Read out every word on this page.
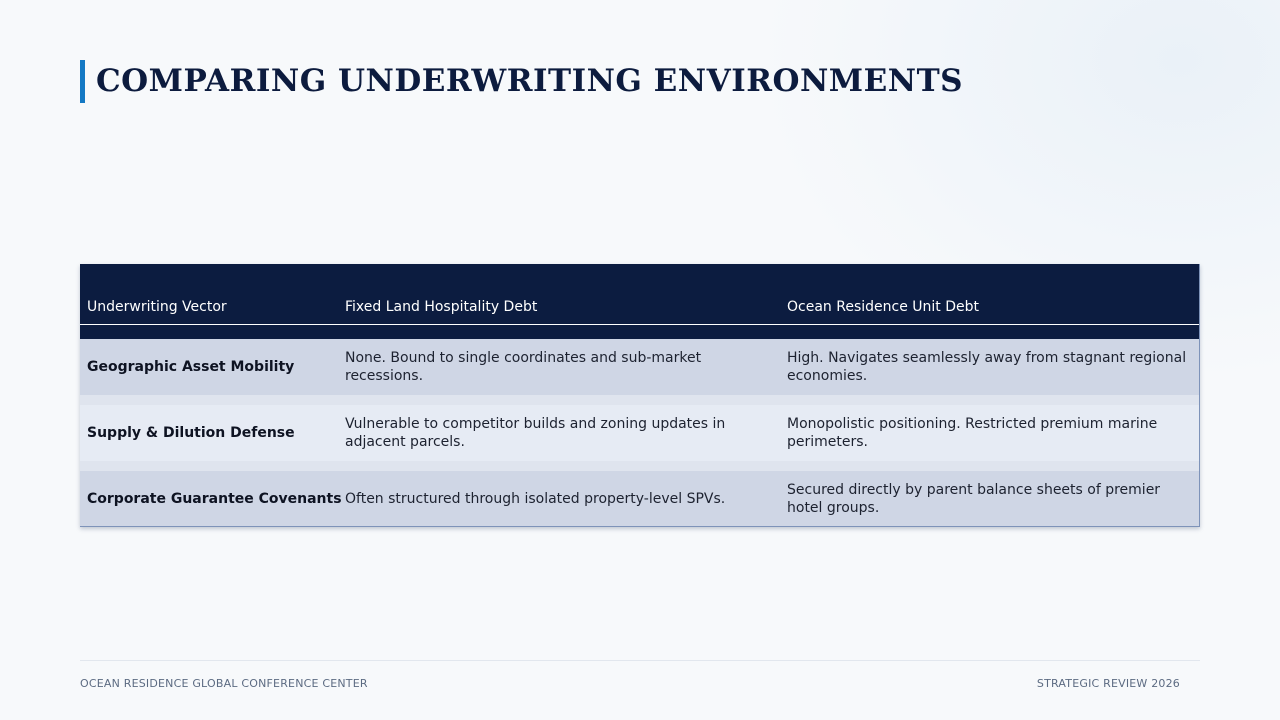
COMPARING UNDERWRITING ENVIRONMENTS
Underwriting Vector	Fixed Land Hospitality Debt	Ocean Residence Unit Debt

Geographic Asset Mobility	None. Bound to single coordinates and sub-market recessions.	High. Navigates seamlessly away from stagnant regional economies.

Supply & Dilution Defense	Vulnerable to competitor builds and zoning updates in adjacent parcels.	Monopolistic positioning. Restricted premium marine perimeters.

Corporate Guarantee Covenants	Often structured through isolated property-level SPVs.	Secured directly by parent balance sheets of premier hotel groups.
OCEAN RESIDENCE GLOBAL CONFERENCE CENTER	STRATEGIC REVIEW 2026
